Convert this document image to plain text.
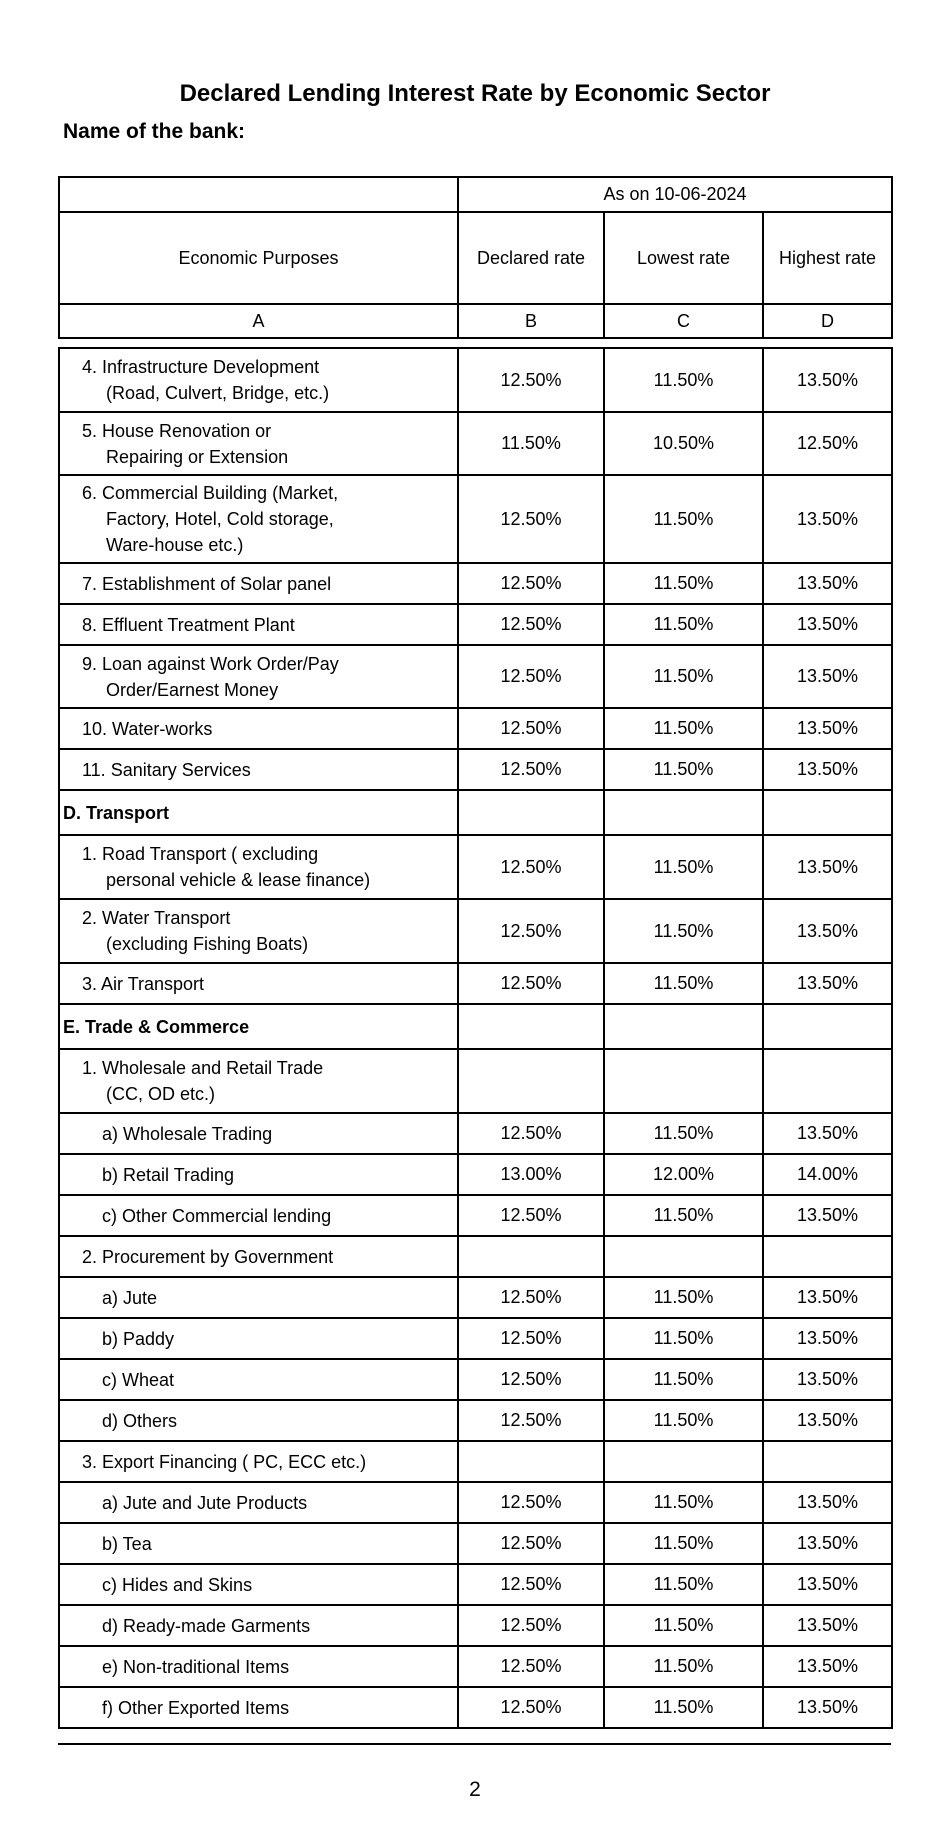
Declared Lending Interest Rate by Economic Sector
Name of the bank:
	As on 10-06-2024		
Economic Purposes	Declared rate	Lowest rate	Highest rate
A	B	C	D
4. Infrastructure Development
(Road, Culvert, Bridge, etc.)	12.50%	11.50%	13.50%

5. House Renovation or
Repairing or Extension	11.50%	10.50%	12.50%

6. Commercial Building (Market,
Factory, Hotel, Cold storage,
Ware-house etc.)	12.50%	11.50%	13.50%

7. Establishment of Solar panel	12.50%	11.50%	13.50%

8. Effluent Treatment Plant	12.50%	11.50%	13.50%

9. Loan against Work Order/Pay
Order/Earnest Money	12.50%	11.50%	13.50%

10. Water-works	12.50%	11.50%	13.50%

11. Sanitary Services	12.50%	11.50%	13.50%
D. Transport			

1. Road Transport ( excluding
personal vehicle & lease finance)	12.50%	11.50%	13.50%

2. Water Transport
(excluding Fishing Boats)	12.50%	11.50%	13.50%

3. Air Transport	12.50%	11.50%	13.50%
E. Trade & Commerce			

1. Wholesale and Retail Trade
(CC, OD etc.)			

a) Wholesale Trading	12.50%	11.50%	13.50%
b) Retail Trading	13.00%	12.00%	14.00%
c) Other Commercial lending	12.50%	11.50%	13.50%

2. Procurement by Government			

a) Jute	12.50%	11.50%	13.50%
b) Paddy	12.50%	11.50%	13.50%
c) Wheat	12.50%	11.50%	13.50%
d) Others	12.50%	11.50%	13.50%

3. Export Financing ( PC, ECC etc.)			

a) Jute and Jute Products	12.50%	11.50%	13.50%
b) Tea	12.50%	11.50%	13.50%
c) Hides and Skins	12.50%	11.50%	13.50%
d) Ready-made Garments	12.50%	11.50%	13.50%
e) Non-traditional Items	12.50%	11.50%	13.50%
f) Other Exported Items	12.50%	11.50%	13.50%
2
